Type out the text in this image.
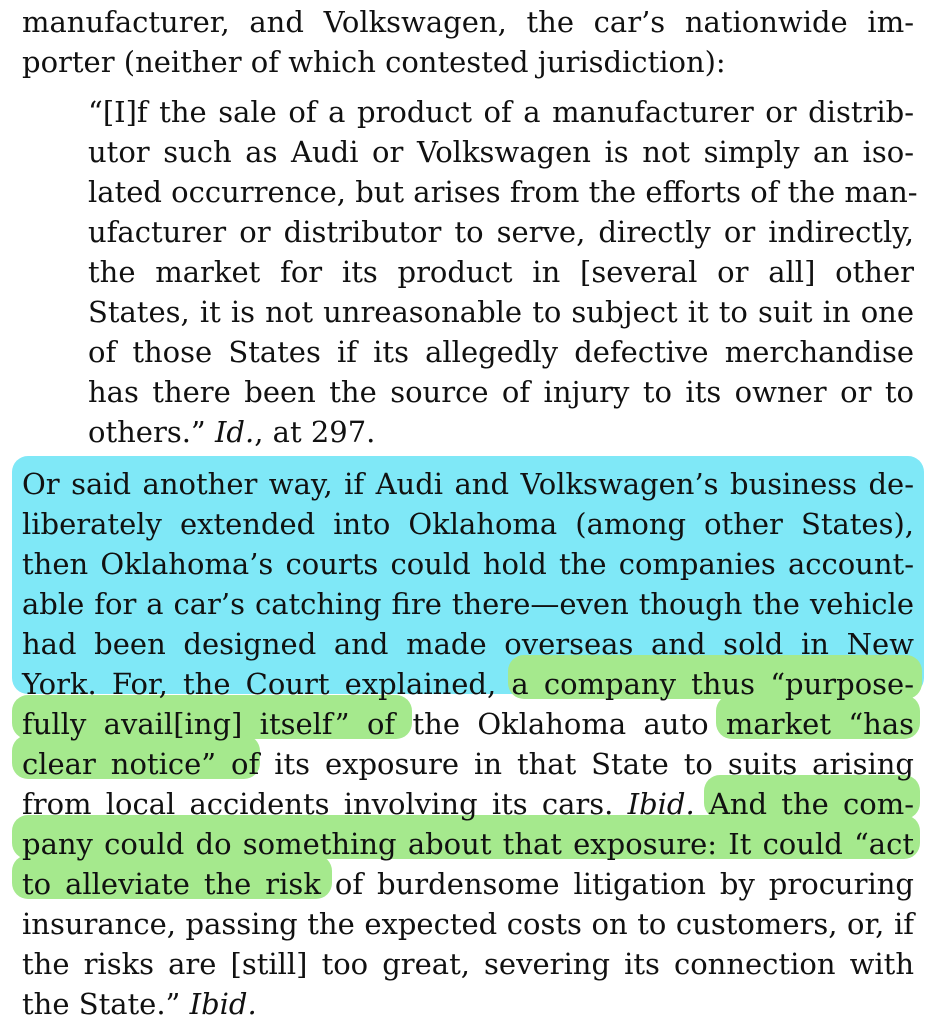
manufacturer, and Volkswagen, the car’s nationwide im-
porter (neither of which contested jurisdiction):
“[I]f the sale of a product of a manufacturer or distrib-
utor such as Audi or Volkswagen is not simply an iso-
lated occurrence, but arises from the efforts of the man-
ufacturer or distributor to serve, directly or indirectly,
the market for its product in [several or all] other
States, it is not unreasonable to subject it to suit in one
of those States if its allegedly defective merchandise
has there been the source of injury to its owner or to
others.” Id., at 297.
Or said another way, if Audi and Volkswagen’s business de-
liberately extended into Oklahoma (among other States),
then Oklahoma’s courts could hold the companies account-
able for a car’s catching fire there—even though the vehicle
had been designed and made overseas and sold in New
York. For, the Court explained, a company thus “purpose-
fully avail[ing] itself” of the Oklahoma auto market “has
clear notice” of its exposure in that State to suits arising
from local accidents involving its cars. Ibid. And the com-
pany could do something about that exposure: It could “act
to alleviate the risk of burdensome litigation by procuring
insurance, passing the expected costs on to customers, or, if
the risks are [still] too great, severing its connection with
the State.” Ibid.
